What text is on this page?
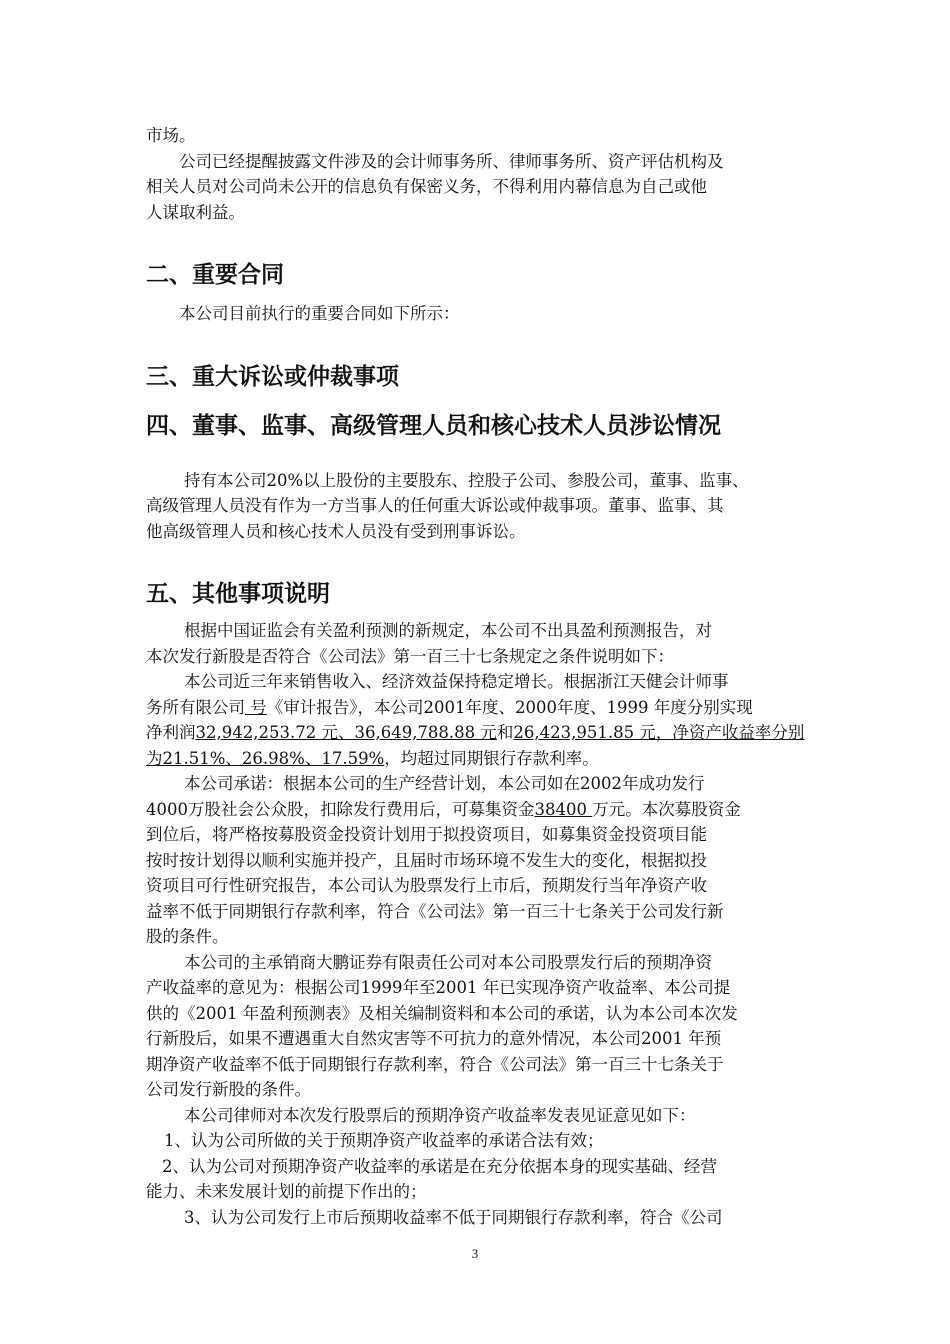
市场。

公司已经提醒披露文件涉及的会计师事务所、律师事务所、资产评估机构及

相关人员对公司尚未公开的信息负有保密义务，不得利用内幕信息为自己或他

人谋取利益。

二、重要合同

本公司目前执行的重要合同如下所示：

三、重大诉讼或仲裁事项
四、董事、监事、高级管理人员和核心技术人员涉讼情况

持有本公司20%以上股份的主要股东、控股子公司、参股公司，董事、监事、

高级管理人员没有作为一方当事人的任何重大诉讼或仲裁事项。董事、监事、其

他高级管理人员和核心技术人员没有受到刑事诉讼。

五、其他事项说明

根据中国证监会有关盈利预测的新规定，本公司不出具盈利预测报告，对

本次发行新股是否符合《公司法》第一百三十七条规定之条件说明如下：

本公司近三年来销售收入、经济效益保持稳定增长。根据浙江天健会计师事

务所有限公司 号《审计报告》，本公司2001年度、2000年度、1999 年度分别实现

净利润32,942,253.72 元、36,649,788.88 元和26,423,951.85 元，净资产收益率分别

为21.51%、26.98%、17.59%，均超过同期银行存款利率。

本公司承诺：根据本公司的生产经营计划，本公司如在2002年成功发行

4000万股社会公众股，扣除发行费用后，可募集资金38400 万元。本次募股资金

到位后，将严格按募股资金投资计划用于拟投资项目，如募集资金投资项目能

按时按计划得以顺利实施并投产，且届时市场环境不发生大的变化，根据拟投

资项目可行性研究报告，本公司认为股票发行上市后，预期发行当年净资产收

益率不低于同期银行存款利率，符合《公司法》第一百三十七条关于公司发行新

股的条件。

本公司的主承销商大鹏证券有限责任公司对本公司股票发行后的预期净资

产收益率的意见为：根据公司1999年至2001 年已实现净资产收益率、本公司提

供的《2001 年盈利预测表》及相关编制资料和本公司的承诺，认为本公司本次发

行新股后，如果不遭遇重大自然灾害等不可抗力的意外情况，本公司2001 年预

期净资产收益率不低于同期银行存款利率，符合《公司法》第一百三十七条关于

公司发行新股的条件。

本公司律师对本次发行股票后的预期净资产收益率发表见证意见如下：

1、认为公司所做的关于预期净资产收益率的承诺合法有效；

2、认为公司对预期净资产收益率的承诺是在充分依据本身的现实基础、经营

能力、未来发展计划的前提下作出的；

3、认为公司发行上市后预期收益率不低于同期银行存款利率，符合《公司

3
